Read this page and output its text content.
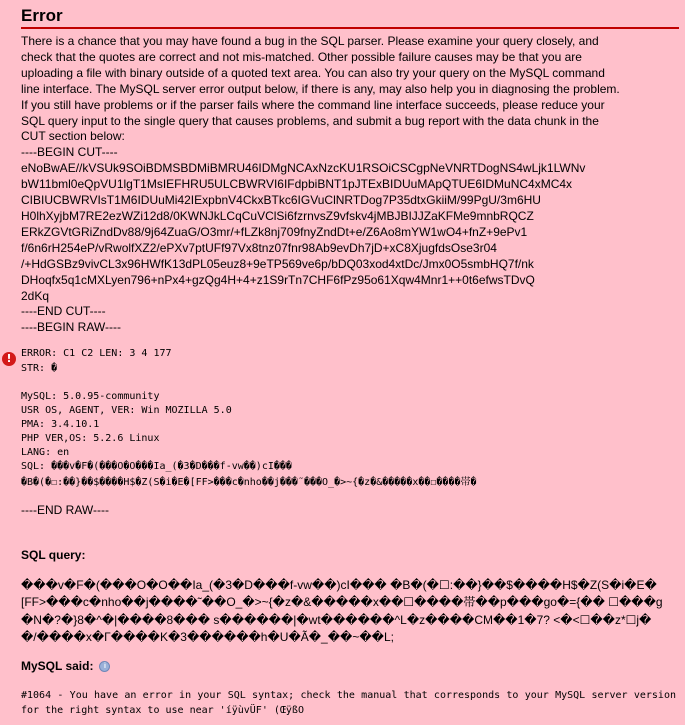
Error
There is a chance that you may have found a bug in the SQL parser. Please examine your query closely, and
check that the quotes are correct and not mis-matched. Other possible failure causes may be that you are
uploading a file with binary outside of a quoted text area. You can also try your query on the MySQL command
line interface. The MySQL server error output below, if there is any, may also help you in diagnosing the problem.
If you still have problems or if the parser fails where the command line interface succeeds, please reduce your
SQL query input to the single query that causes problems, and submit a bug report with the data chunk in the
CUT section below:
----BEGIN CUT----
eNoBwAE//kVSUk9SOiBDMSBDMiBMRU46IDMgNCAxNzcKU1RSOiCSCgpNeVNRTDogNS4wLjk1LWNv
bW11bml0eQpVU1lgT1MsIEFHRU5ULCBWRVI6IFdpbiBNT1pJTExBIDUuMApQTUE6IDMuNC4xMC4x
CIBIUCBWRVIsT1M6IDUuMi42IExpbnV4CkxBTkc6IGVuClNRTDog7P35dtxGkiiM/99PgU/3m6HU
H0lhXyjbM7RE2ezWZi12d8/0KWNJkLCqCuVClSi6fzrnvsZ9vfskv4jMBJBIJJZaKFMe9mnbRQCZ
ERkZGVtGRiZndDv88/9j64ZuaG/O3mr/+fLZk8nj709fnyZndDt+e/Z6Ao8mYW1wO4+fnZ+9ePv1
f/6n6rH254eP/vRwolfXZ2/ePXv7ptUFf97Vx8tnz07fnr98Ab9evDh7jD+xC8XjugfdsOse3r04
/+HdGSBz9vivCL3x96HWfK13dPL05euz8+9eTP569ve6p/bDQ03xod4xtDc/Jmx0O5smbHQ7f/nk
DHoqfx5q1cMXLyen796+nPx4+gzQg4H+4+z1S9rTn7CHF6fPz95o61Xqw4Mnr1++0t6efwsTDvQ
2dKq
----END CUT----
----BEGIN RAW----
! ERROR: C1 C2 LEN: 3 4 177
STR: �
MySQL: 5.0.95-community
USR OS, AGENT, VER: Win MOZILLA 5.0
PMA: 3.4.10.1
PHP VER,OS: 5.2.6 Linux
LANG: en
SQL: ���v�F�(���O�O���Ia_(�3�D���f-vw��)cI���
�B�(�☐:��}��$����H$�Z(S�i�E�[FF>���c�nho��j���˜���O_�>~{�z�&�����x��☐����帯�
----END RAW----
SQL query:
���v�F�(���O�O��Ia_(�3�D���f-vw��)cI��� �B�(�☐:��}��$����H$�Z(S�i�E� [FF>���c�nho��j����˜��O_�>~{�z�&�����x��☐����帯��p���go�={�� ☐���g�N�?�}8�^�|����8��� s������|�wt������^L�z����CM��1�7? <�<☐��z*☐j��/����x�Γ����K�3������h�U�Ã�_��~��L;
MySQL said: i
#1064 - You have an error in your SQL syntax; check the manual that corresponds to your MySQL server version for the right syntax to use near 'íÿùvÜF' (ŒÿßO
